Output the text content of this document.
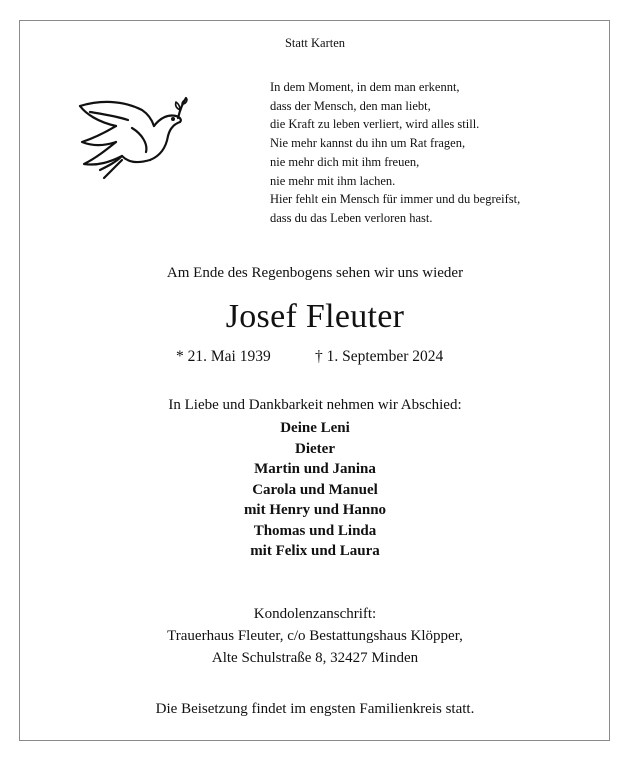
Statt Karten
In dem Moment, in dem man erkennt,
dass der Mensch, den man liebt,
die Kraft zu leben verliert, wird alles still.
Nie mehr kannst du ihn um Rat fragen,
nie mehr dich mit ihm freuen,
nie mehr mit ihm lachen.
Hier fehlt ein Mensch für immer und du begreifst,
dass du das Leben verloren hast.
Am Ende des Regenbogens sehen wir uns wieder
Josef Fleuter
* 21. Mai 1939	† 1. September 2024
In Liebe und Dankbarkeit nehmen wir Abschied:
Deine Leni
Dieter
Martin und Janina
Carola und Manuel
mit Henry und Hanno
Thomas und Linda
mit Felix und Laura
Kondolenzanschrift:
Trauerhaus Fleuter, c/o Bestattungshaus Klöpper,
Alte Schulstraße 8, 32427 Minden
Die Beisetzung findet im engsten Familienkreis statt.
